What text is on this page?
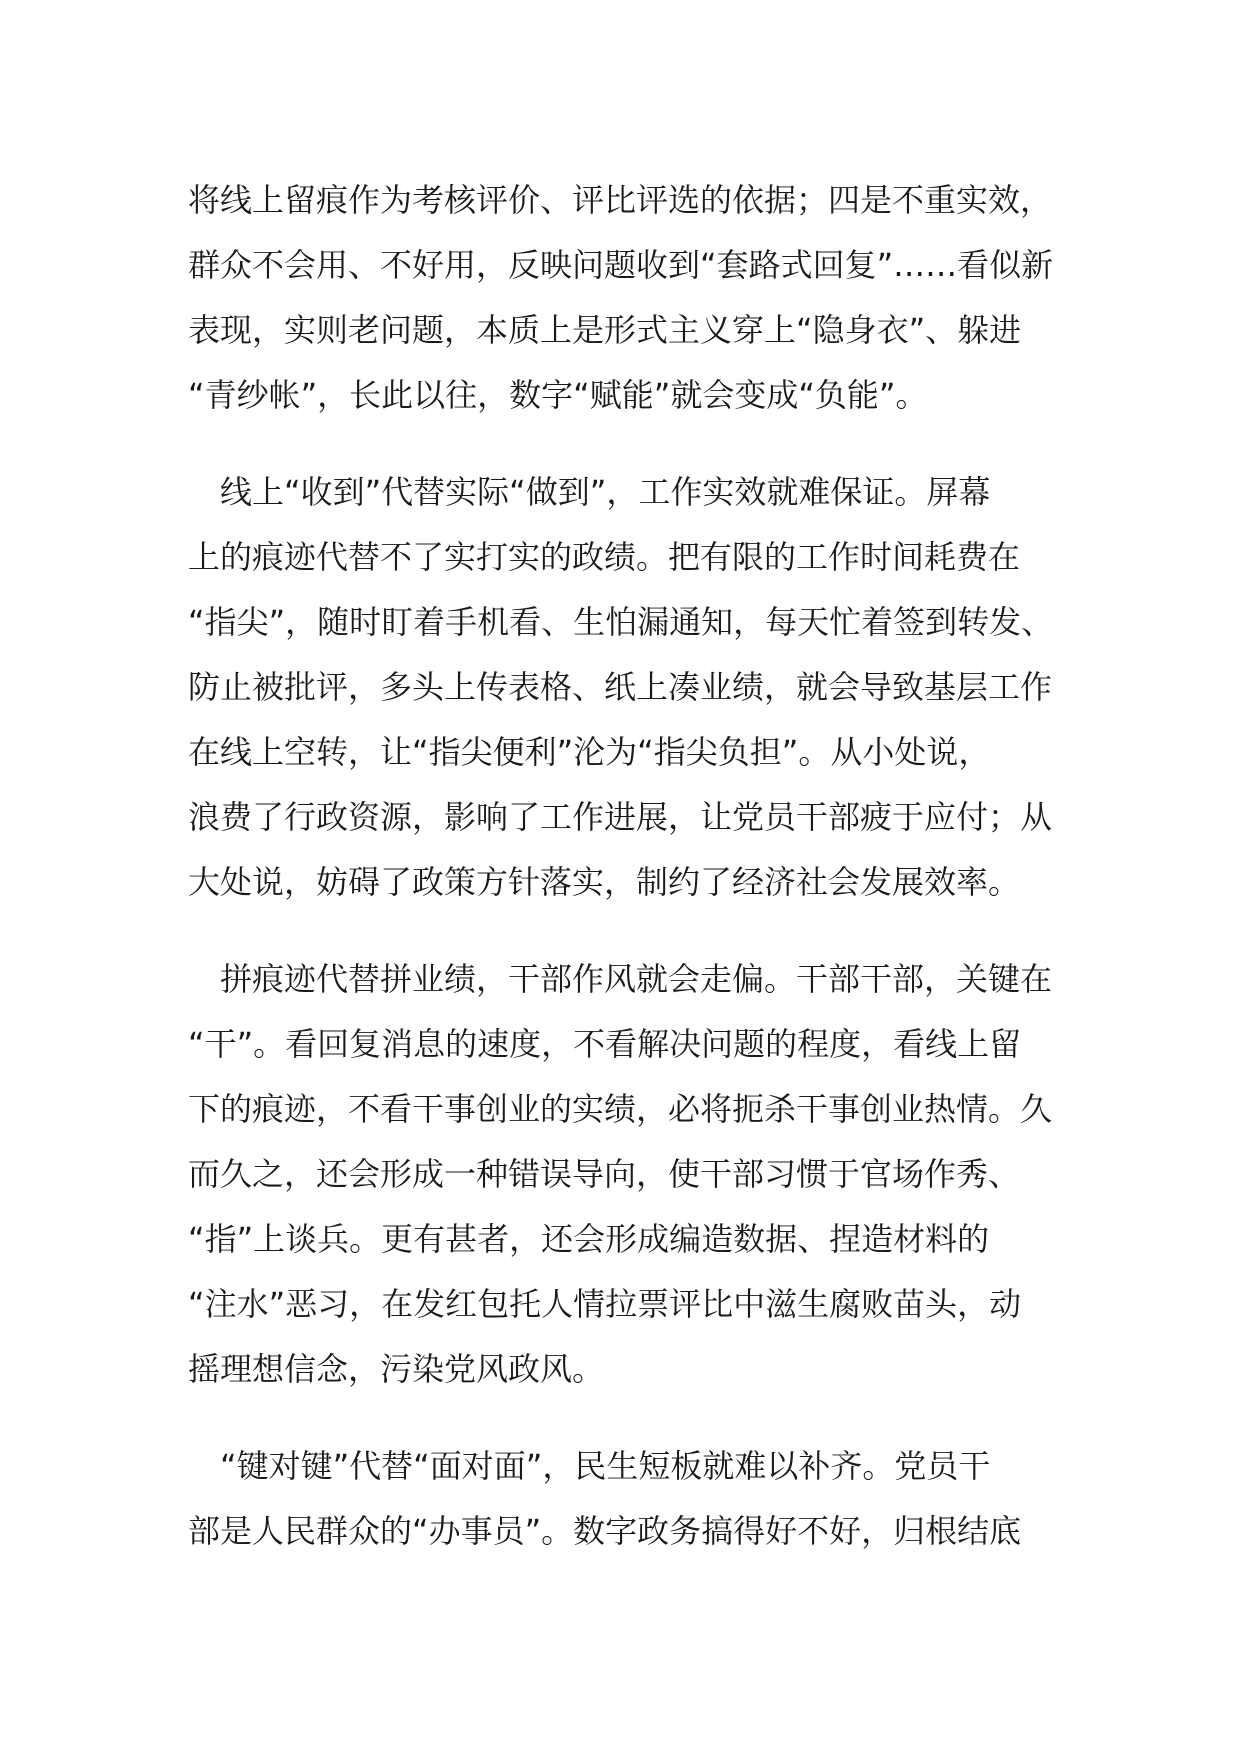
将线上留痕作为考核评价、评比评选的依据；四是不重实效，
群众不会用、不好用，反映问题收到“套路式回复”……看似新
表现，实则老问题，本质上是形式主义穿上“隐身衣”、躲进
“青纱帐”，长此以往，数字“赋能”就会变成“负能”。

　线上“收到”代替实际“做到”，工作实效就难保证。屏幕
上的痕迹代替不了实打实的政绩。把有限的工作时间耗费在
“指尖”，随时盯着手机看、生怕漏通知，每天忙着签到转发、
防止被批评，多头上传表格、纸上凑业绩，就会导致基层工作
在线上空转，让“指尖便利”沦为“指尖负担”。从小处说，
浪费了行政资源，影响了工作进展，让党员干部疲于应付；从
大处说，妨碍了政策方针落实，制约了经济社会发展效率。

　拼痕迹代替拼业绩，干部作风就会走偏。干部干部，关键在
“干”。看回复消息的速度，不看解决问题的程度，看线上留
下的痕迹，不看干事创业的实绩，必将扼杀干事创业热情。久
而久之，还会形成一种错误导向，使干部习惯于官场作秀、
“指”上谈兵。更有甚者，还会形成编造数据、捏造材料的
“注水”恶习，在发红包托人情拉票评比中滋生腐败苗头，动
摇理想信念，污染党风政风。

　“键对键”代替“面对面”，民生短板就难以补齐。党员干
部是人民群众的“办事员”。数字政务搞得好不好，归根结底
